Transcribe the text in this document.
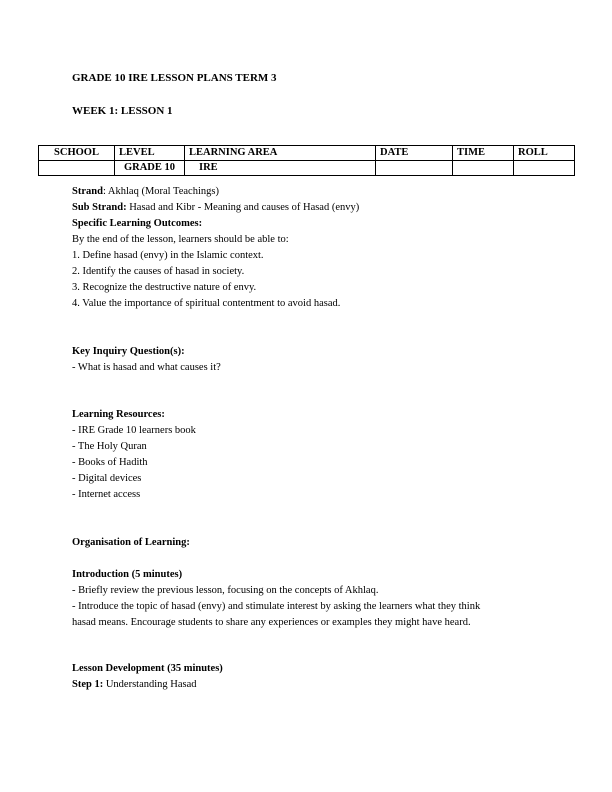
GRADE 10 IRE LESSON PLANS TERM 3
WEEK 1: LESSON 1
SCHOOL	LEVEL	LEARNING AREA	DATE	TIME	ROLL
	GRADE 10	IRE			
Strand: Akhlaq (Moral Teachings)
Sub Strand: Hasad and Kibr - Meaning and causes of Hasad (envy)
Specific Learning Outcomes:
By the end of the lesson, learners should be able to:
1. Define hasad (envy) in the Islamic context.
2. Identify the causes of hasad in society.
3. Recognize the destructive nature of envy.
4. Value the importance of spiritual contentment to avoid hasad.
Key Inquiry Question(s):
- What is hasad and what causes it?
Learning Resources:
- IRE Grade 10 learners book
- The Holy Quran
- Books of Hadith
- Digital devices
- Internet access
Organisation of Learning:
Introduction (5 minutes)
- Briefly review the previous lesson, focusing on the concepts of Akhlaq.
- Introduce the topic of hasad (envy) and stimulate interest by asking the learners what they think
hasad means. Encourage students to share any experiences or examples they might have heard.
Lesson Development (35 minutes)
Step 1: Understanding Hasad
